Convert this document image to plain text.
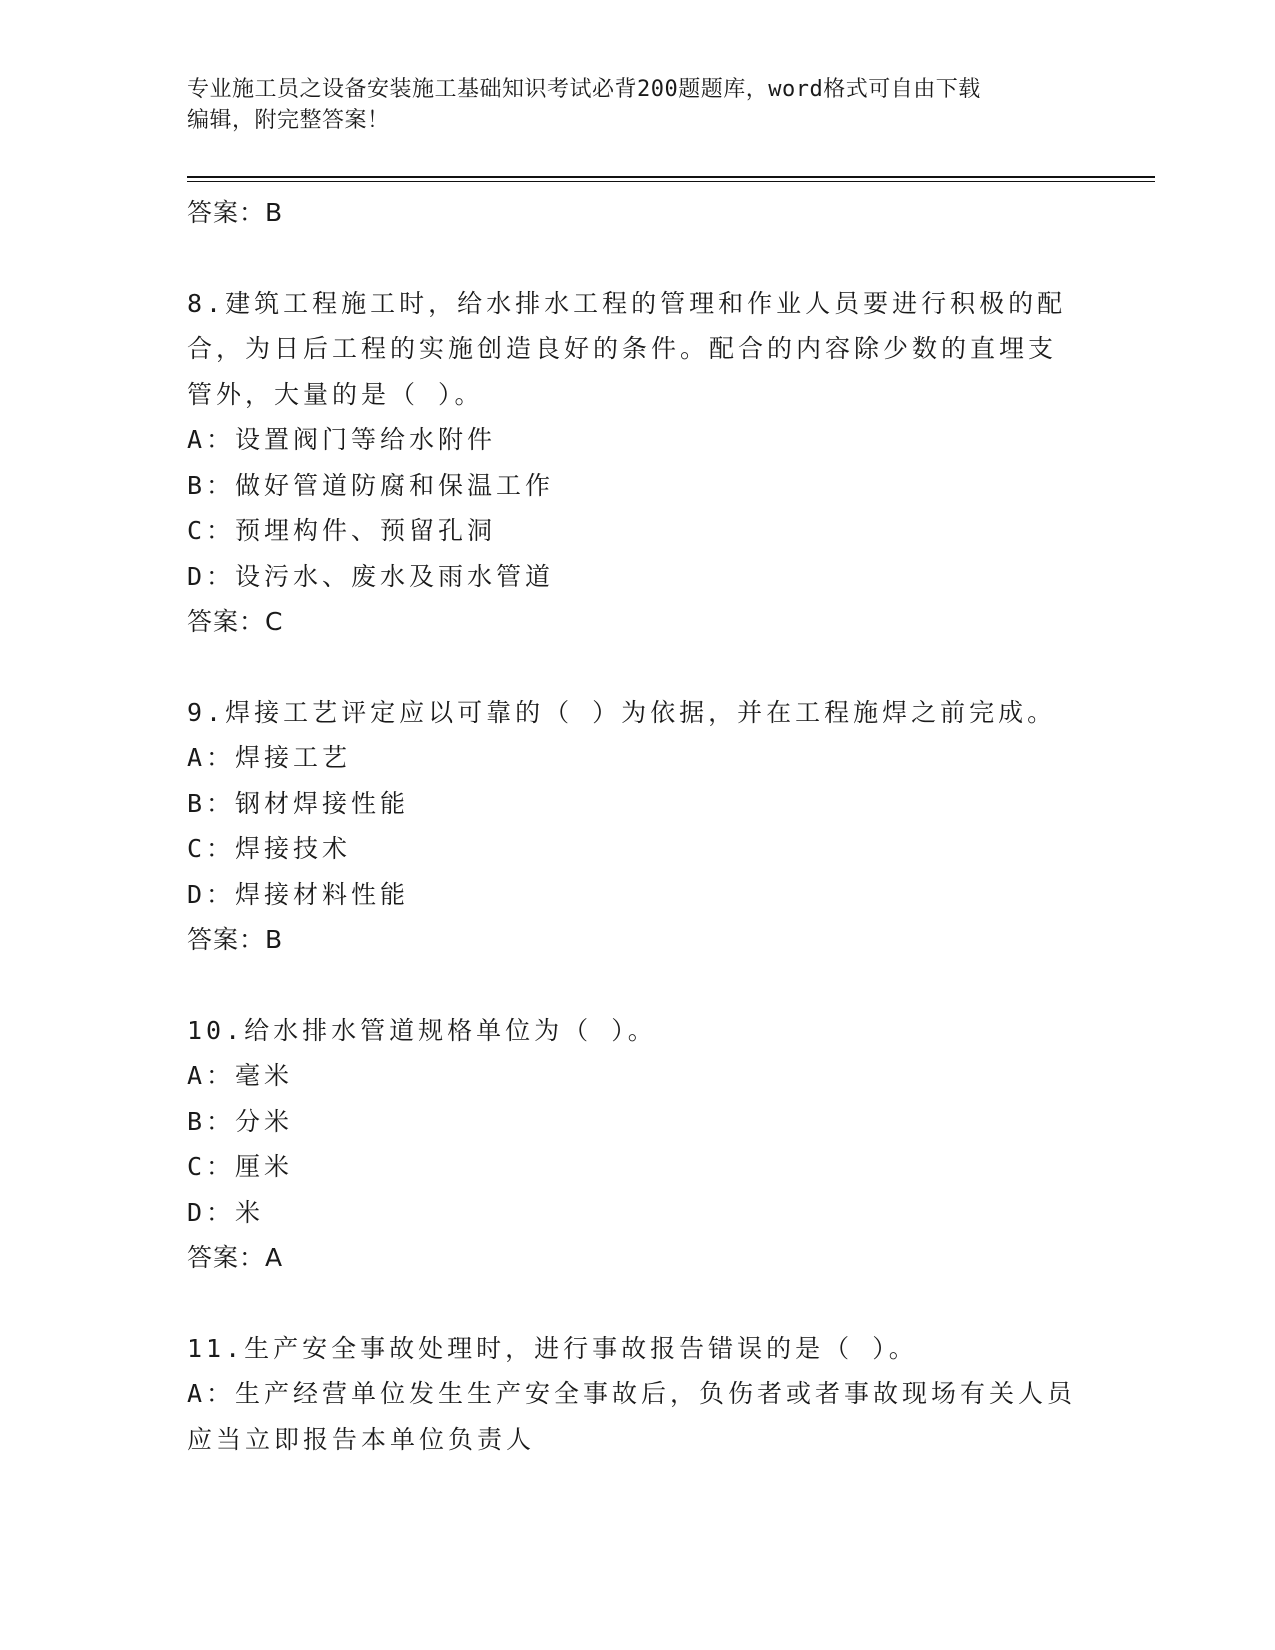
专业施工员之设备安装施工基础知识考试必背200题题库，word格式可自由下载
编辑，附完整答案！
答案：B
8.建筑工程施工时，给水排水工程的管理和作业人员要进行积极的配
合，为日后工程的实施创造良好的条件。配合的内容除少数的直埋支
管外，大量的是（ ）。
A：设置阀门等给水附件
B：做好管道防腐和保温工作
C：预埋构件、预留孔洞
D：设污水、废水及雨水管道
答案：C
9.焊接工艺评定应以可靠的（ ）为依据，并在工程施焊之前完成。
A：焊接工艺
B：钢材焊接性能
C：焊接技术
D：焊接材料性能
答案：B
10.给水排水管道规格单位为（ ）。
A：毫米
B：分米
C：厘米
D：米
答案：A
11.生产安全事故处理时，进行事故报告错误的是（ ）。
A：生产经营单位发生生产安全事故后，负伤者或者事故现场有关人员
应当立即报告本单位负责人
